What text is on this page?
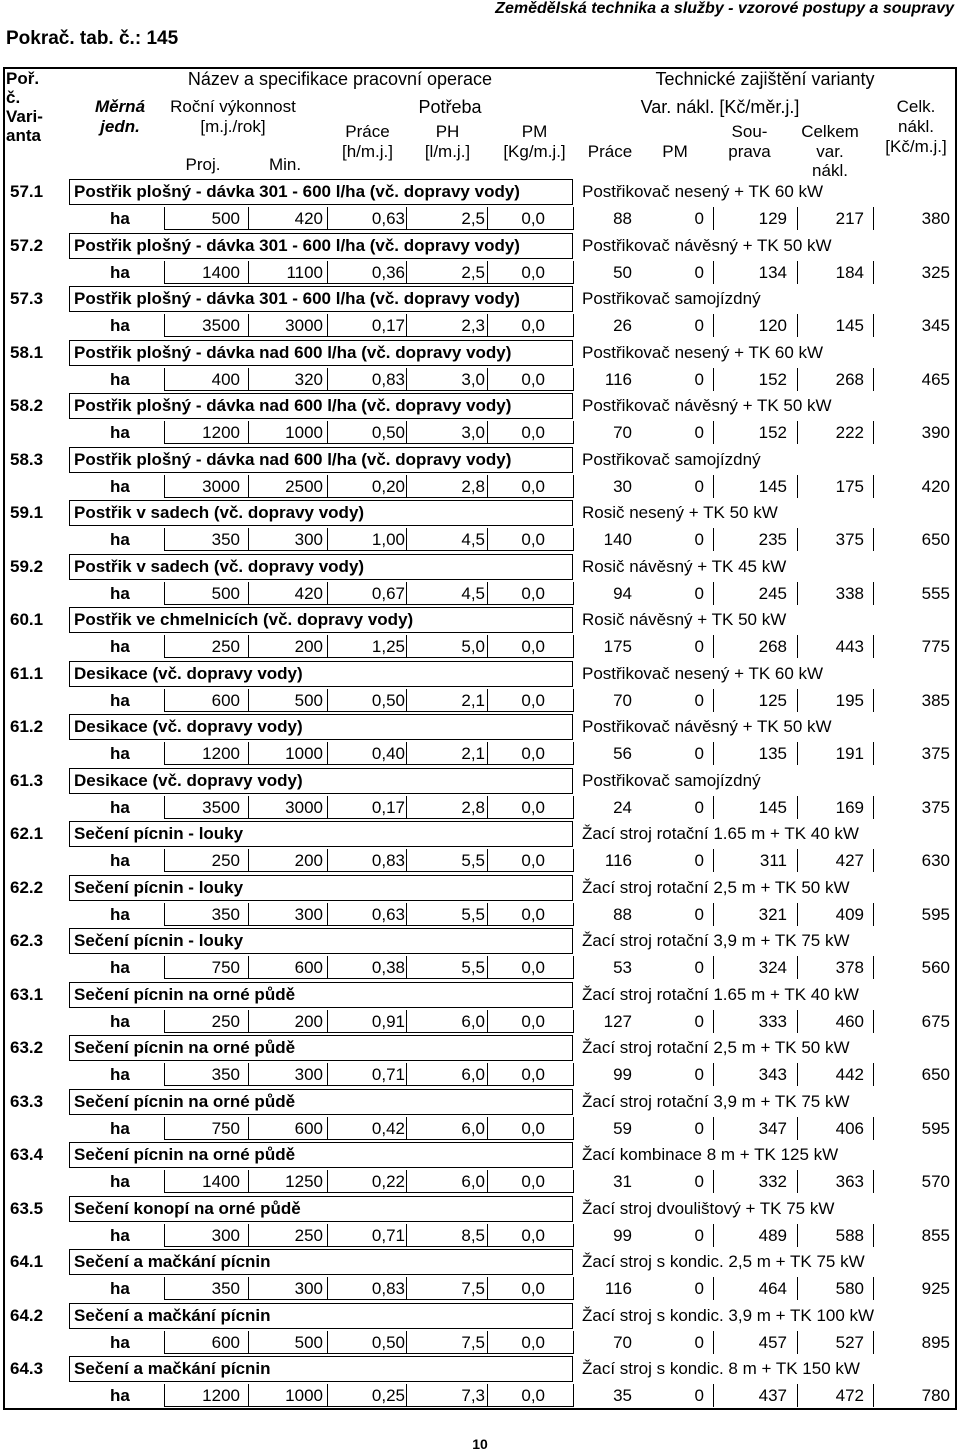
Pokrač. tab. č.: 145
Zemědělská technika a služby - vzorové postupy a soupravy
Poř.
č.
Vari-
anta
Název a specifikace pracovní operace	Technické zajištění varianty
Měrná
jedn.
Roční výkonnost
[m.j./rok]
Proj.	Min.
Potřeba
Práce
[h/m.j.]
PH
[l/m.j.]
PM
[Kg/m.j.]
Var. nákl. [Kč/měr.j.]
Práce	PM
Sou-
prava
Celkem
var.
nákl.
Celk.
nákl.
[Kč/m.j.]
57.1 Postřik plošný - dávka 301 - 600 l/ha (vč. dopravy vody)	Postřikovač nesený + TK 60 kW
ha	500	420	0,63	2,5	0,0	88	0	129	217	380
57.2 Postřik plošný - dávka 301 - 600 l/ha (vč. dopravy vody)	Postřikovač návěsný + TK 50 kW
ha	1400	1100	0,36	2,5	0,0	50	0	134	184	325
57.3 Postřik plošný - dávka 301 - 600 l/ha (vč. dopravy vody)	Postřikovač samojízdný
ha	3500	3000	0,17	2,3	0,0	26	0	120	145	345
58.1 Postřik plošný - dávka nad 600 l/ha (vč. dopravy vody)	Postřikovač nesený + TK 60 kW
ha	400	320	0,83	3,0	0,0	116	0	152	268	465
58.2 Postřik plošný - dávka nad 600 l/ha (vč. dopravy vody)	Postřikovač návěsný + TK 50 kW
ha	1200	1000	0,50	3,0	0,0	70	0	152	222	390
58.3 Postřik plošný - dávka nad 600 l/ha (vč. dopravy vody)	Postřikovač samojízdný
ha	3000	2500	0,20	2,8	0,0	30	0	145	175	420
59.1 Postřik v sadech (vč. dopravy vody)	Rosič nesený + TK 50 kW
ha	350	300	1,00	4,5	0,0	140	0	235	375	650
59.2 Postřik v sadech (vč. dopravy vody)	Rosič návěsný + TK 45 kW
ha	500	420	0,67	4,5	0,0	94	0	245	338	555
60.1 Postřik ve chmelnicích (vč. dopravy vody)	Rosič návěsný + TK 50 kW
ha	250	200	1,25	5,0	0,0	175	0	268	443	775
61.1 Desikace (vč. dopravy vody)	Postřikovač nesený + TK 60 kW
ha	600	500	0,50	2,1	0,0	70	0	125	195	385
61.2 Desikace (vč. dopravy vody)	Postřikovač návěsný + TK 50 kW
ha	1200	1000	0,40	2,1	0,0	56	0	135	191	375
61.3 Desikace (vč. dopravy vody)	Postřikovač samojízdný
ha	3500	3000	0,17	2,8	0,0	24	0	145	169	375
62.1 Sečení pícnin - louky	Žací stroj rotační 1.65 m + TK 40 kW
ha	250	200	0,83	5,5	0,0	116	0	311	427	630
62.2 Sečení pícnin - louky	Žací stroj rotační 2,5 m + TK 50 kW
ha	350	300	0,63	5,5	0,0	88	0	321	409	595
62.3 Sečení pícnin - louky	Žací stroj rotační 3,9 m + TK 75 kW
ha	750	600	0,38	5,5	0,0	53	0	324	378	560
63.1 Sečení pícnin na orné půdě	Žací stroj rotační 1.65 m + TK 40 kW
ha	250	200	0,91	6,0	0,0	127	0	333	460	675
63.2 Sečení pícnin na orné půdě	Žací stroj rotační 2,5 m + TK 50 kW
ha	350	300	0,71	6,0	0,0	99	0	343	442	650
63.3 Sečení pícnin na orné půdě	Žací stroj rotační 3,9 m + TK 75 kW
ha	750	600	0,42	6,0	0,0	59	0	347	406	595
63.4 Sečení pícnin na orné půdě	Žací kombinace 8 m + TK 125 kW
ha	1400	1250	0,22	6,0	0,0	31	0	332	363	570
63.5 Sečení konopí na orné půdě	Žací stroj dvoulištový + TK 75 kW
ha	300	250	0,71	8,5	0,0	99	0	489	588	855
64.1 Sečení a mačkání pícnin	Žací stroj s kondic. 2,5 m + TK 75 kW
ha	350	300	0,83	7,5	0,0	116	0	464	580	925
64.2 Sečení a mačkání pícnin	Žací stroj s kondic. 3,9 m + TK 100 kW
ha	600	500	0,50	7,5	0,0	70	0	457	527	895
64.3 Sečení a mačkání pícnin	Žací stroj s kondic. 8 m + TK 150 kW
ha	1200	1000	0,25	7,3	0,0	35	0	437	472	780
10
